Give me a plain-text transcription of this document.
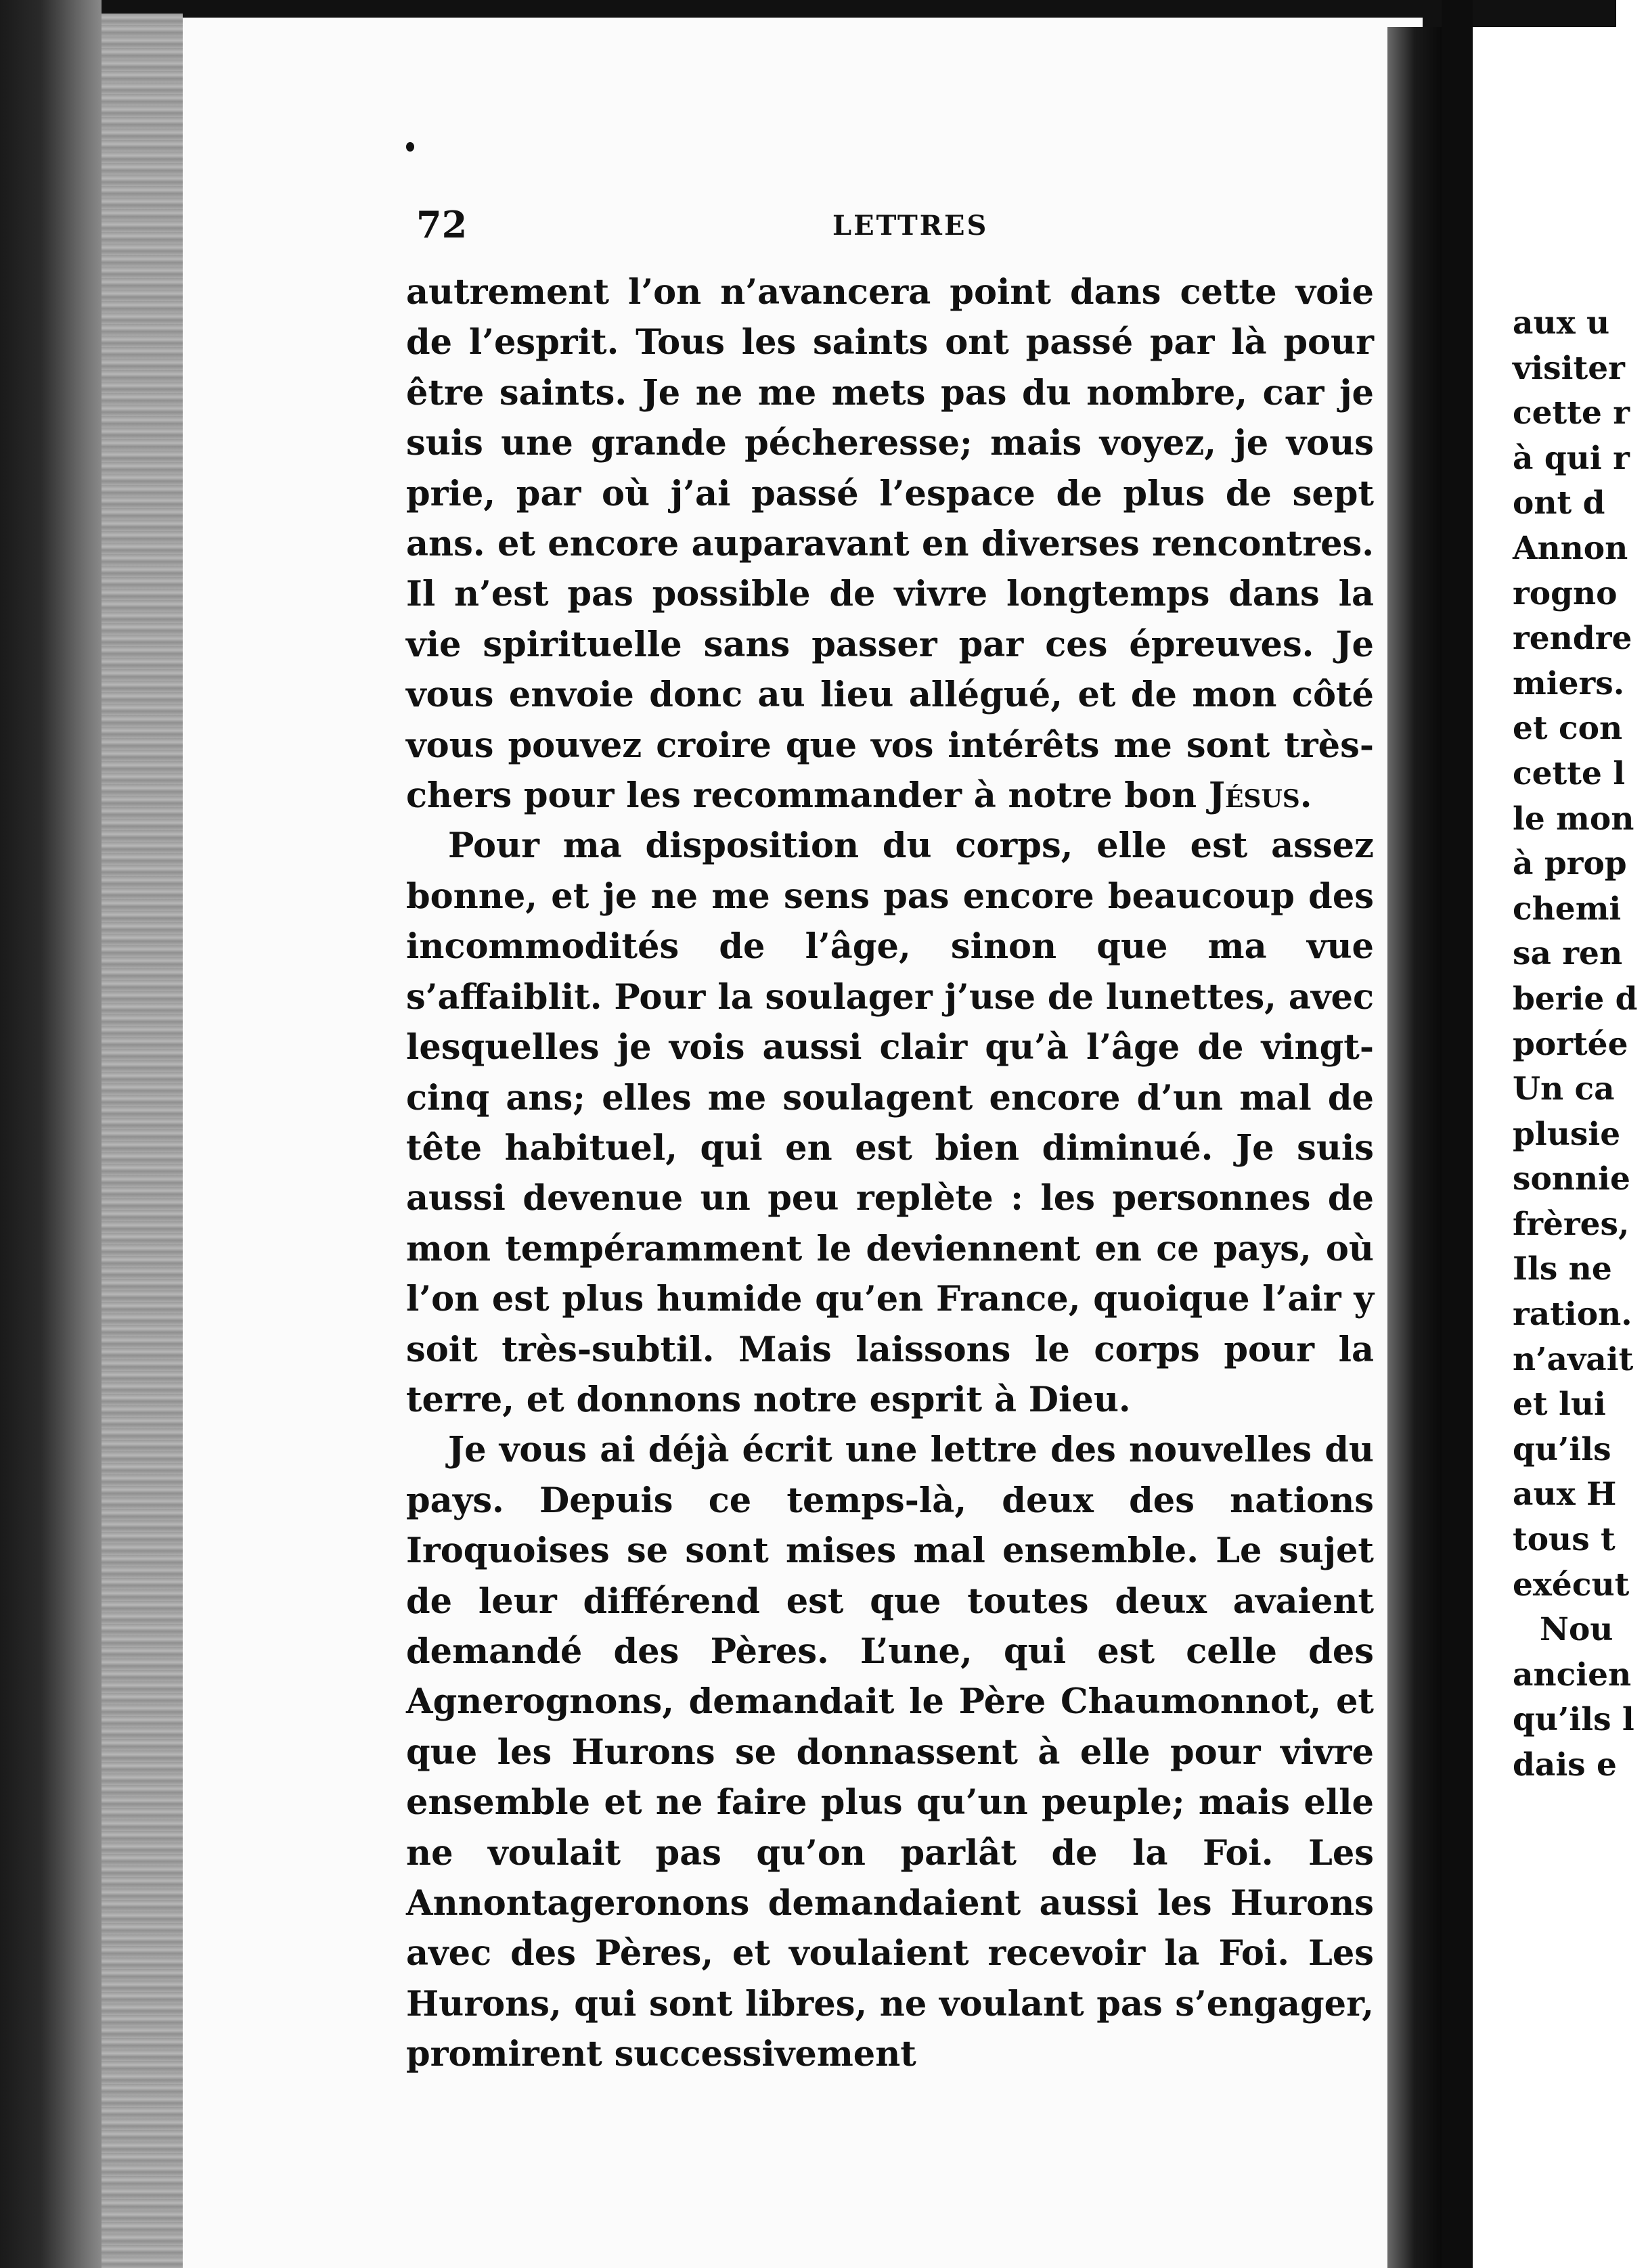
72	LETTRES

autrement l’on n’avancera point dans cette voie de l’esprit. Tous les saints ont passé par là pour être saints. Je ne me mets pas du nombre, car je suis une grande pécheresse; mais voyez, je vous prie, par où j’ai passé l’espace de plus de sept ans. et encore auparavant en diverses rencontres. Il n’est pas possible de vivre longtemps dans la vie spirituelle sans passer par ces épreuves. Je vous envoie donc au lieu allégué, et de mon côté vous pouvez croire que vos intérêts me sont très-chers pour les recommander à notre bon Jésus.

Pour ma disposition du corps, elle est assez bonne, et je ne me sens pas encore beaucoup des incommodités de l’âge, sinon que ma vue s’affaiblit. Pour la soulager j’use de lunettes, avec lesquelles je vois aussi clair qu’à l’âge de vingt-cinq ans; elles me soulagent encore d’un mal de tête habituel, qui en est bien diminué. Je suis aussi devenue un peu replète : les personnes de mon tempéramment le deviennent en ce pays, où l’on est plus humide qu’en France, quoique l’air y soit très-subtil. Mais laissons le corps pour la terre, et donnons notre esprit à Dieu.

Je vous ai déjà écrit une lettre des nouvelles du pays. Depuis ce temps-là, deux des nations Iroquoises se sont mises mal ensemble. Le sujet de leur différend est que toutes deux avaient demandé des Pères. L’une, qui est celle des Agnerognons, demandait le Père Chaumonnot, et que les Hurons se donnassent à elle pour vivre ensemble et ne faire plus qu’un peuple; mais elle ne voulait pas qu’on parlât de la Foi. Les Annontageronons demandaient aussi les Hurons avec des Pères, et voulaient recevoir la Foi. Les Hurons, qui sont libres, ne voulant pas s’engager, promirent successivement

aux u
visiter
cette r
à qui r
ont d
Annon
rogno
rendre
miers.
et con
cette l
le mon
à prop
chemi
sa ren
berie d
portée
Un ca
plusie
sonnie
frères,
Ils ne
ration.
n’avait
et lui
qu’ils
aux H
tous t
exécut
Nou
ancien
qu’ils l
dais e
